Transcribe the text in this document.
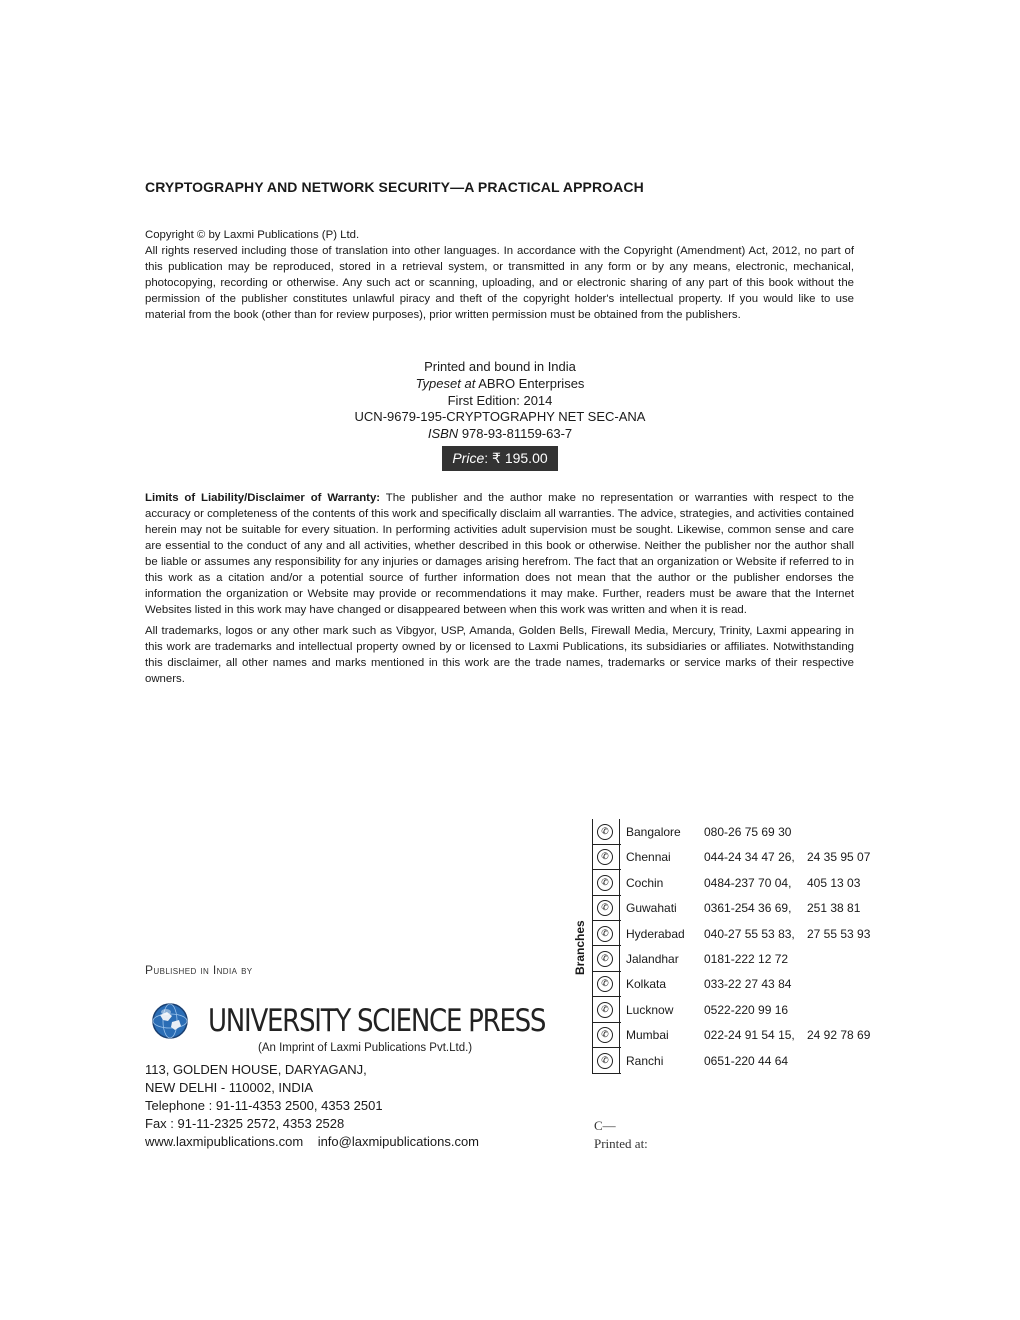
CRYPTOGRAPHY AND NETWORK SECURITY—A PRACTICAL APPROACH

Copyright © by Laxmi Publications (P) Ltd.

All rights reserved including those of translation into other languages. In accordance with the Copyright (Amendment) Act, 2012, no part of this publication may be reproduced, stored in a retrieval system, or transmitted in any form or by any means, electronic, mechanical, photocopying, recording or otherwise. Any such act or scanning, uploading, and or electronic sharing of any part of this book without the permission of the publisher constitutes unlawful piracy and theft of the copyright holder's intellectual property. If you would like to use material from the book (other than for review purposes), prior written permission must be obtained from the publishers.

Printed and bound in India
Typeset at ABRO Enterprises
First Edition: 2014
UCN-9679-195-CRYPTOGRAPHY NET SEC-ANA
ISBN 978-93-81159-63-7
Price: ₹ 195.00

Limits of Liability/Disclaimer of Warranty: The publisher and the author make no representation or warranties with respect to the accuracy or completeness of the contents of this work and specifically disclaim all warranties. The advice, strategies, and activities contained herein may not be suitable for every situation. In performing activities adult supervision must be sought. Likewise, common sense and care are essential to the conduct of any and all activities, whether described in this book or otherwise. Neither the publisher nor the author shall be liable or assumes any responsibility for any injuries or damages arising herefrom. The fact that an organization or Website if referred to in this work as a citation and/or a potential source of further information does not mean that the author or the publisher endorses the information the organization or Website may provide or recommendations it may make. Further, readers must be aware that the Internet Websites listed in this work may have changed or disappeared between when this work was written and when it is read.

All trademarks, logos or any other mark such as Vibgyor, USP, Amanda, Golden Bells, Firewall Media, Mercury, Trinity, Laxmi appearing in this work are trademarks and intellectual property owned by or licensed to Laxmi Publications, its subsidiaries or affiliates. Notwithstanding this disclaimer, all other names and marks mentioned in this work are the trade names, trademarks or service marks of their respective owners.

Published in India by
UNIVERSITY SCIENCE PRESS
(An Imprint of Laxmi Publications Pvt.Ltd.)
113, GOLDEN HOUSE, DARYAGANJ,
NEW DELHI - 110002, INDIA
Telephone : 91-11-4353 2500, 4353 2501
Fax : 91-11-2325 2572, 4353 2528
www.laxmipublications.com info@laxmipublications.com
Branches
✆	Bangalore 080-26 75 69 30
✆	Chennai	044-24 34 47 26, 24 35 95 07
✆	Cochin	0484-237 70 04, 405 13 03
✆	Guwahati 0361-254 36 69, 251 38 81
✆	Hyderabad 040-27 55 53 83, 27 55 53 93
✆	Jalandhar 0181-222 12 72
✆	Kolkata	033-22 27 43 84
✆	Lucknow	0522-220 99 16
✆	Mumbai	022-24 91 54 15, 24 92 78 69
✆	Ranchi	0651-220 44 64
C—
Printed at:
